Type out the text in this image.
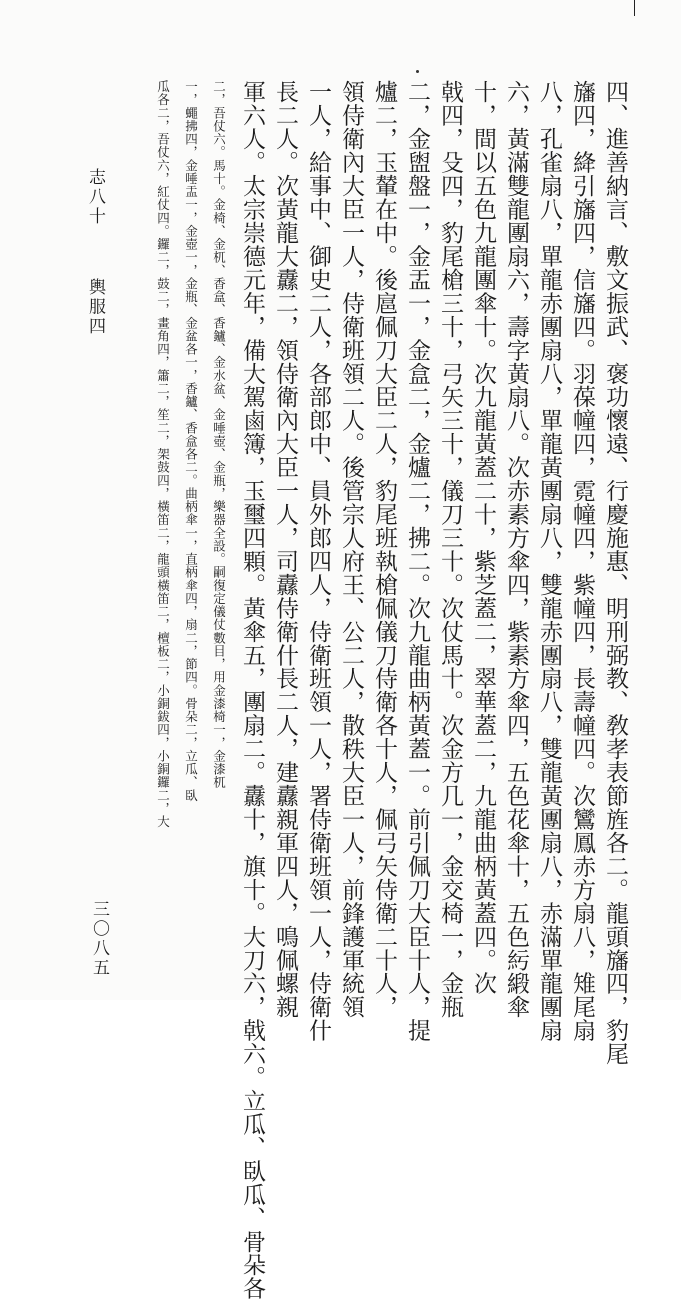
四、進善納言、敷文振武、褒功懷遠、行慶施惠、明刑弼教、敎孝表節旌各二。龍頭旛四，豹尾
旛四，絳引旛四，信旛四。羽葆幢四，霓幢四，紫幢四，長壽幢四。次鸞鳳赤方扇八，雉尾扇
八，孔雀扇八，單龍赤團扇八，單龍黃團扇八，雙龍赤團扇八，雙龍黃團扇八，赤滿單龍團扇
六，黃滿雙龍團扇六，壽字黃扇八。次赤素方傘四，紫素方傘四，五色花傘十，五色䊸緞傘
十，間以五色九龍團傘十。次九龍黃蓋二十，紫芝蓋二，翠華蓋二，九龍曲柄黃蓋四。次
戟四，殳四，豹尾槍三十，弓矢三十，儀刀三十。次仗馬十。次金方几一，金交椅一，金瓶
二，金盥盤一，金盂一，金盒二，金爐二，拂二。次九龍曲柄黃蓋一。前引佩刀大臣十人，提
爐二，玉輦在中。後扈佩刀大臣二人，豹尾班執槍佩儀刀侍衛各十人，佩弓矢侍衛二十人，
領侍衛內大臣一人，侍衛班領二人。後管宗人府王、公二人，散秩大臣一人，前鋒護軍統領
一人，給事中、御史二人，各部郎中、員外郎四人，侍衛班領一人，署侍衛班領一人，侍衛什
長二人。次黃龍大纛二，領侍衛內大臣一人，司纛侍衛什長二人，建纛親軍四人，鳴佩螺親
軍六人。太宗崇德元年，備大駕鹵簿，玉璽四顆。黃傘五，團扇二。纛十，旗十。大刀六，戟六。立瓜、臥瓜、骨朵各
二，吾仗六。馬十。金椅、金杌、香盒、香鑪、金水盆、金唾壺、金瓶，樂器全設。嗣復定儀仗數目，用金漆椅一，金漆杌
一，蠅拂四，金唾盂一，金壺一，金瓶、金盆各一，香鑪、香盒各二。曲柄傘一，直柄傘四，扇二，節四。骨朵二，立瓜、臥
瓜各二，吾仗六，紅仗四。鑼二，鼓二，畫角四，簫二，笙二，架鼓四，橫笛二，龍頭橫笛二，檀板二，小銅鈸四，小銅鑼二，大
志八十
輿服四
三〇八五
